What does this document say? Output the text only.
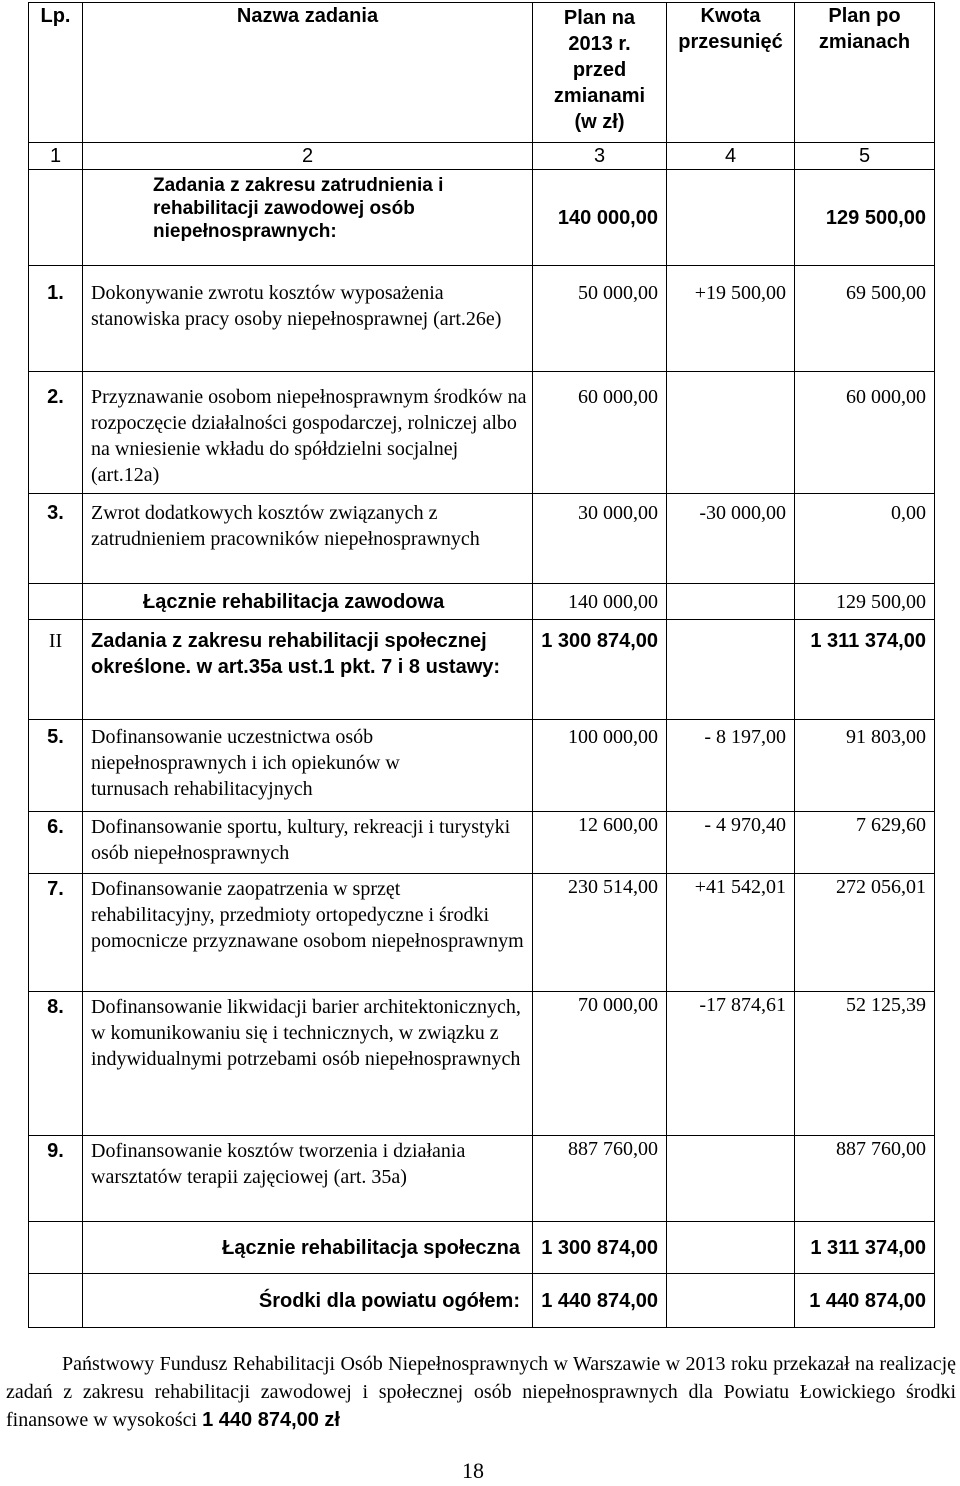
Lp.	Nazwa zadania	Plan na 2013 r. przed zmianami (w zł)	Kwota przesunięć	Plan po zmianach
1	2	3	4	5
	Zadania z zakresu zatrudnienia i rehabilitacji zawodowej osób niepełnosprawnych:	140 000,00		129 500,00
1.	Dokonywanie zwrotu kosztów wyposażenia stanowiska pracy osoby niepełnosprawnej (art.26e)	50 000,00	+19 500,00	69 500,00
2.	Przyznawanie osobom niepełnosprawnym środków na rozpoczęcie działalności gospodarczej, rolniczej albo na wniesienie wkładu do spółdzielni socjalnej (art.12a)	60 000,00		60 000,00
3.	Zwrot dodatkowych kosztów związanych z zatrudnieniem pracowników niepełnosprawnych	30 000,00	-30 000,00	0,00
	Łącznie rehabilitacja zawodowa	140 000,00		129 500,00
II	Zadania z zakresu rehabilitacji społecznej określone. w art.35a ust.1 pkt. 7 i 8 ustawy:	1 300 874,00		1 311 374,00
5.	Dofinansowanie uczestnictwa osób niepełnosprawnych i ich opiekunów w turnusach rehabilitacyjnych	100 000,00	- 8 197,00	91 803,00
6.	Dofinansowanie sportu, kultury, rekreacji i turystyki osób niepełnosprawnych	12 600,00	- 4 970,40	7 629,60
7.	Dofinansowanie zaopatrzenia w sprzęt rehabilitacyjny, przedmioty ortopedyczne i środki pomocnicze przyznawane osobom niepełnosprawnym	230 514,00	+41 542,01	272 056,01
8.	Dofinansowanie likwidacji barier architektonicznych, w komunikowaniu się i technicznych, w związku z indywidualnymi potrzebami osób niepełnosprawnych	70 000,00	-17 874,61	52 125,39
9.	Dofinansowanie kosztów tworzenia i działania warsztatów terapii zajęciowej (art. 35a)	887 760,00		887 760,00
	Łącznie rehabilitacja społeczna	1 300 874,00		1 311 374,00
	Środki dla powiatu ogółem:	1 440 874,00		1 440 874,00
Państwowy Fundusz Rehabilitacji Osób Niepełnosprawnych w Warszawie w 2013 roku przekazał na realizację zadań z zakresu rehabilitacji zawodowej i społecznej osób niepełnosprawnych dla Powiatu Łowickiego środki finansowe w wysokości 1 440 874,00 zł
18
